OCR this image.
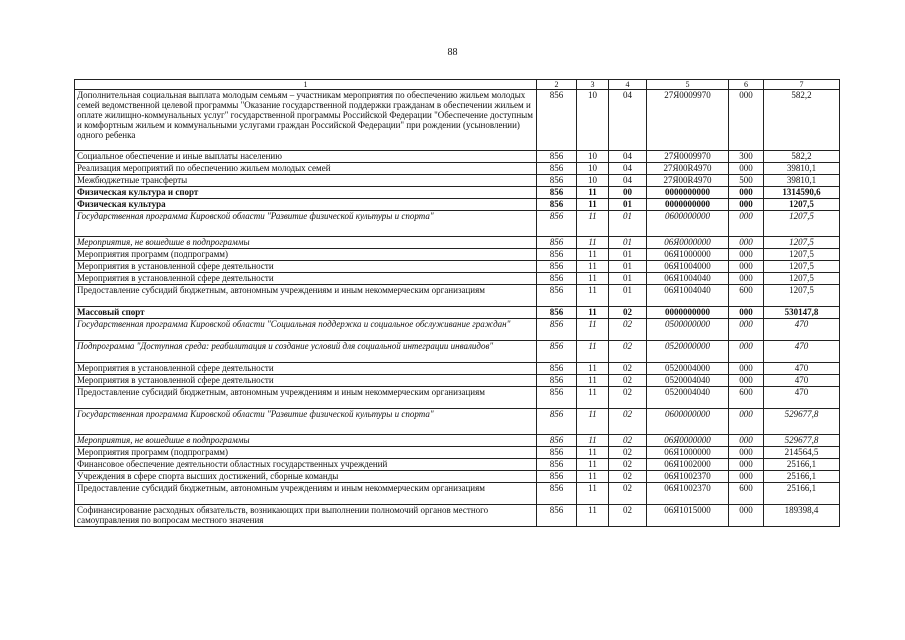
88
1	2	3	4	5	6	7
Дополнительная социальная выплата молодым семьям – участникам мероприятия по обеспечению жильем молодых семей ведомственной целевой программы "Оказание государственной поддержки гражданам в обеспечении жильем и оплате жилищно-коммунальных услуг" государственной программы Российской Федерации "Обеспечение доступным и комфортным жильем и коммунальными услугами граждан Российской Федерации" при рождении (усыновлении) одного ребенка	856	10	04	27Я0009970	000	582,2
Социальное обеспечение и иные выплаты населению	856	10	04	27Я0009970	300	582,2
Реализация мероприятий по обеспечению жильем молодых семей	856	10	04	27Я00R4970	000	39810,1
Межбюджетные трансферты	856	10	04	27Я00R4970	500	39810,1
Физическая культура и спорт	856	11	00	0000000000	000	1314590,6
Физическая культура	856	11	01	0000000000	000	1207,5
Государственная программа Кировской области "Развитие физической культуры и спорта"	856	11	01	0600000000	000	1207,5
Мероприятия, не вошедшие в подпрограммы	856	11	01	06Я0000000	000	1207,5
Мероприятия программ (подпрограмм)	856	11	01	06Я1000000	000	1207,5
Мероприятия в установленной сфере деятельности	856	11	01	06Я1004000	000	1207,5
Мероприятия в установленной сфере деятельности	856	11	01	06Я1004040	000	1207,5
Предоставление субсидий бюджетным, автономным учреждениям и иным некоммерческим организациям	856	11	01	06Я1004040	600	1207,5
Массовый спорт	856	11	02	0000000000	000	530147,8
Государственная программа Кировской области "Социальная поддержка и социальное обслуживание граждан"	856	11	02	0500000000	000	470
Подпрограмма "Доступная среда: реабилитация и создание условий для социальной интеграции инвалидов"	856	11	02	0520000000	000	470
Мероприятия в установленной сфере деятельности	856	11	02	0520004000	000	470
Мероприятия в установленной сфере деятельности	856	11	02	0520004040	000	470
Предоставление субсидий бюджетным, автономным учреждениям и иным некоммерческим организациям	856	11	02	0520004040	600	470
Государственная программа Кировской области "Развитие физической культуры и спорта"	856	11	02	0600000000	000	529677,8
Мероприятия, не вошедшие в подпрограммы	856	11	02	06Я0000000	000	529677,8
Мероприятия программ (подпрограмм)	856	11	02	06Я1000000	000	214564,5
Финансовое обеспечение деятельности областных государственных учреждений	856	11	02	06Я1002000	000	25166,1
Учреждения в сфере спорта высших достижений, сборные команды	856	11	02	06Я1002370	000	25166,1
Предоставление субсидий бюджетным, автономным учреждениям и иным некоммерческим организациям	856	11	02	06Я1002370	600	25166,1
Софинансирование расходных обязательств, возникающих при выполнении полномочий органов местного самоуправления по вопросам местного значения	856	11	02	06Я1015000	000	189398,4
